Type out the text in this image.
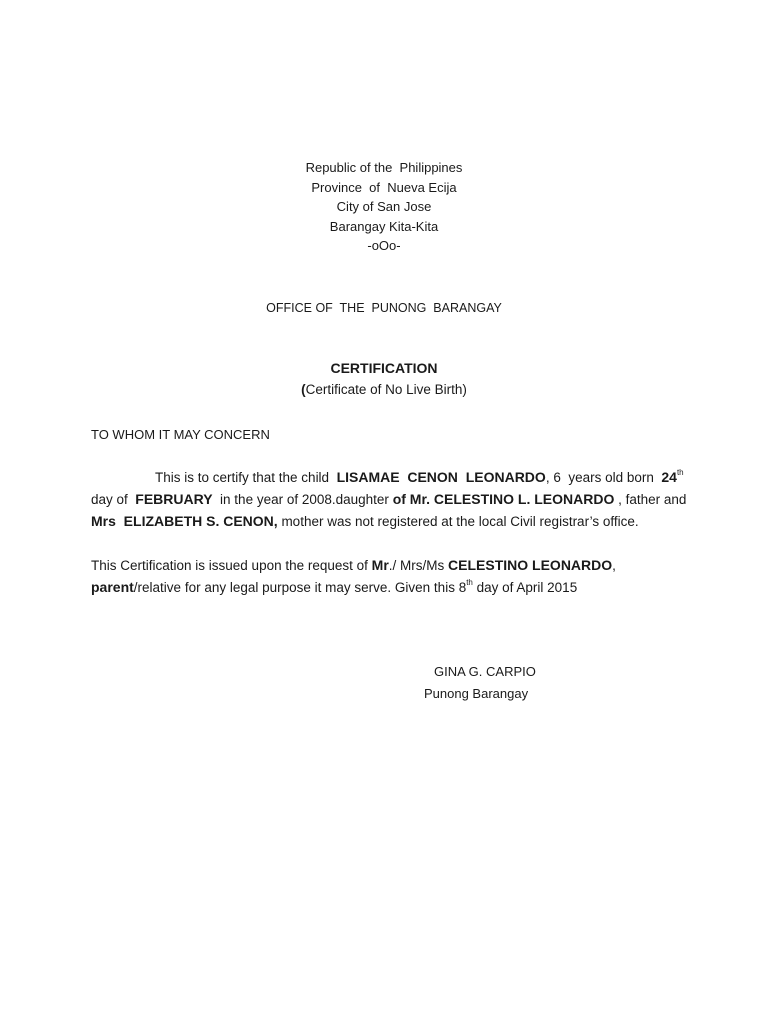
Republic of the  Philippines
Province  of  Nueva Ecija
City of San Jose
Barangay Kita-Kita
-oOo-
OFFICE OF  THE  PUNONG  BARANGAY
CERTIFICATION
(Certificate of No Live Birth)
TO WHOM IT MAY CONCERN
This is to certify that the child  LISAMAE  CENON  LEONARDO, 6  years old born  24th
day of  FEBRUARY  in the year of 2008.daughter of Mr. CELESTINO L. LEONARDO , father and
Mrs  ELIZABETH S. CENON, mother was not registered at the local Civil registrar’s office.
This Certification is issued upon the request of Mr./ Mrs/Ms CELESTINO LEONARDO,
parent/relative for any legal purpose it may serve. Given this 8th day of April 2015
GINA G. CARPIO
Punong Barangay
